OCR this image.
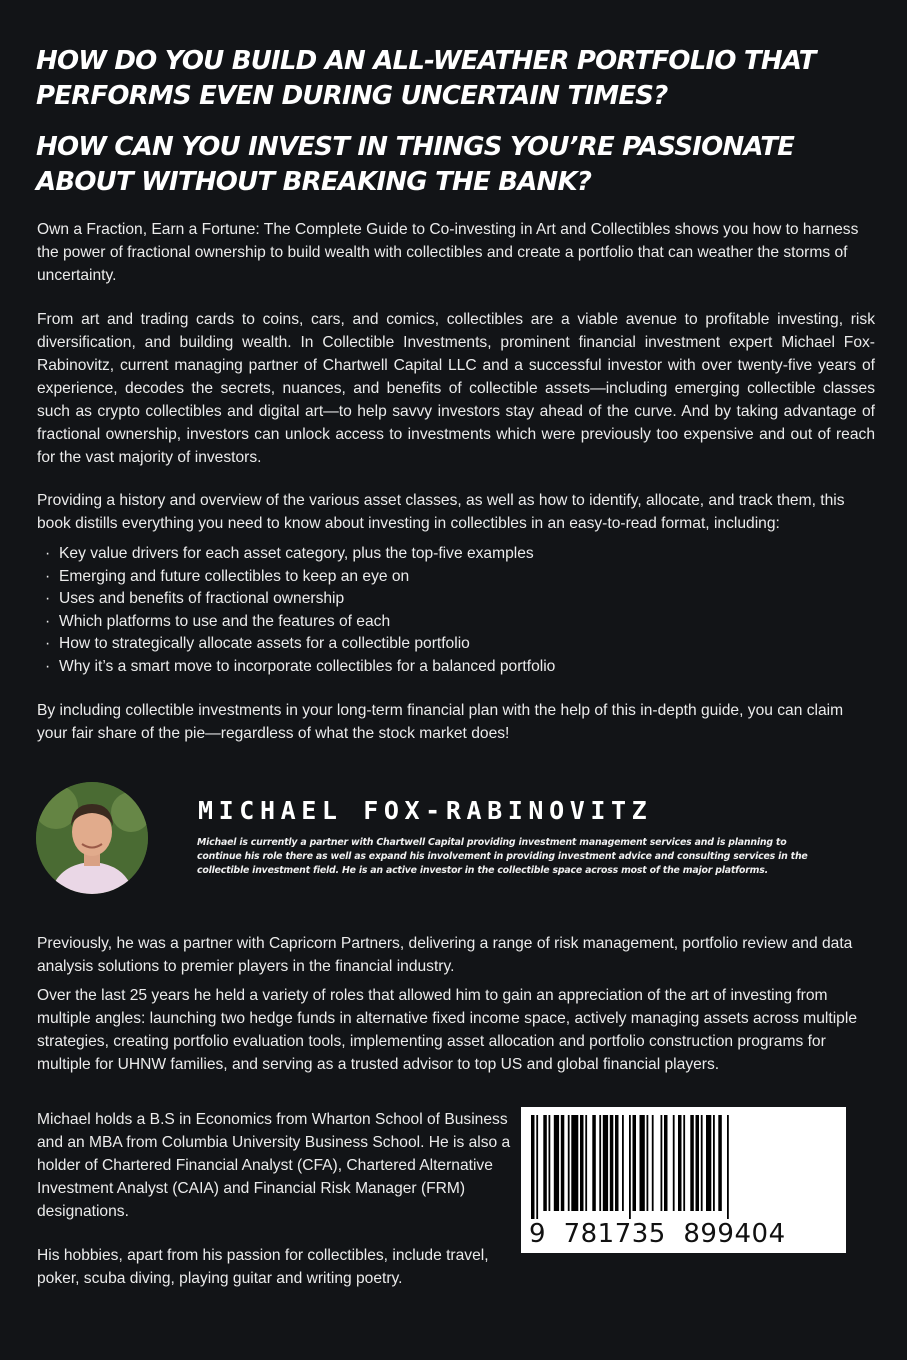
HOW DO YOU BUILD AN ALL-WEATHER PORTFOLIO THAT PERFORMS EVEN DURING UNCERTAIN TIMES?
HOW CAN YOU INVEST IN THINGS YOU’RE PASSIONATE ABOUT WITHOUT BREAKING THE BANK?

Own a Fraction, Earn a Fortune: The Complete Guide to Co-investing in Art and Collectibles shows you how to harness the power of fractional ownership to build wealth with collectibles and create a portfolio that can weather the storms of uncertainty.

From art and trading cards to coins, cars, and comics, collectibles are a viable avenue to profitable investing, risk diversification, and building wealth. In Collectible Investments, prominent financial investment expert Michael Fox-Rabinovitz, current managing partner of Chartwell Capital LLC and a successful investor with over twenty-five years of experience, decodes the secrets, nuances, and benefits of collectible assets—including emerging collectible classes such as crypto collectibles and digital art—to help savvy investors stay ahead of the curve. And by taking advantage of fractional ownership, investors can unlock access to investments which were previously too expensive and out of reach for the vast majority of investors.

Providing a history and overview of the various asset classes, as well as how to identify, allocate, and track them, this book distills everything you need to know about investing in collectibles in an easy-to-read format, including:

· Key value drivers for each asset category, plus the top-five examples
· Emerging and future collectibles to keep an eye on
· Uses and benefits of fractional ownership
· Which platforms to use and the features of each
· How to strategically allocate assets for a collectible portfolio
· Why it’s a smart move to incorporate collectibles for a balanced portfolio

By including collectible investments in your long-term financial plan with the help of this in-depth guide, you can claim your fair share of the pie—regardless of what the stock market does!

MICHAEL FOX-RABINOVITZ

Michael is currently a partner with Chartwell Capital providing investment management services and is planning to continue his role there as well as expand his involvement in providing investment advice and consulting services in the collectible investment field. He is an active investor in the collectible space across most of the major platforms.

Previously, he was a partner with Capricorn Partners, delivering a range of risk management, portfolio review and data analysis solutions to premier players in the financial industry.

Over the last 25 years he held a variety of roles that allowed him to gain an appreciation of the art of investing from multiple angles: launching two hedge funds in alternative fixed income space, actively managing assets across multiple strategies, creating portfolio evaluation tools, implementing asset allocation and portfolio construction programs for multiple for UHNW families, and serving as a trusted advisor to top US and global financial players.

Michael holds a B.S in Economics from Wharton School of Business and an MBA from Columbia University Business School. He is also a holder of Chartered Financial Analyst (CFA), Chartered Alternative Investment Analyst (CAIA) and Financial Risk Manager (FRM) designations.

His hobbies, apart from his passion for collectibles, include travel, poker, scuba diving, playing guitar and writing poetry.

9  781735  899404
